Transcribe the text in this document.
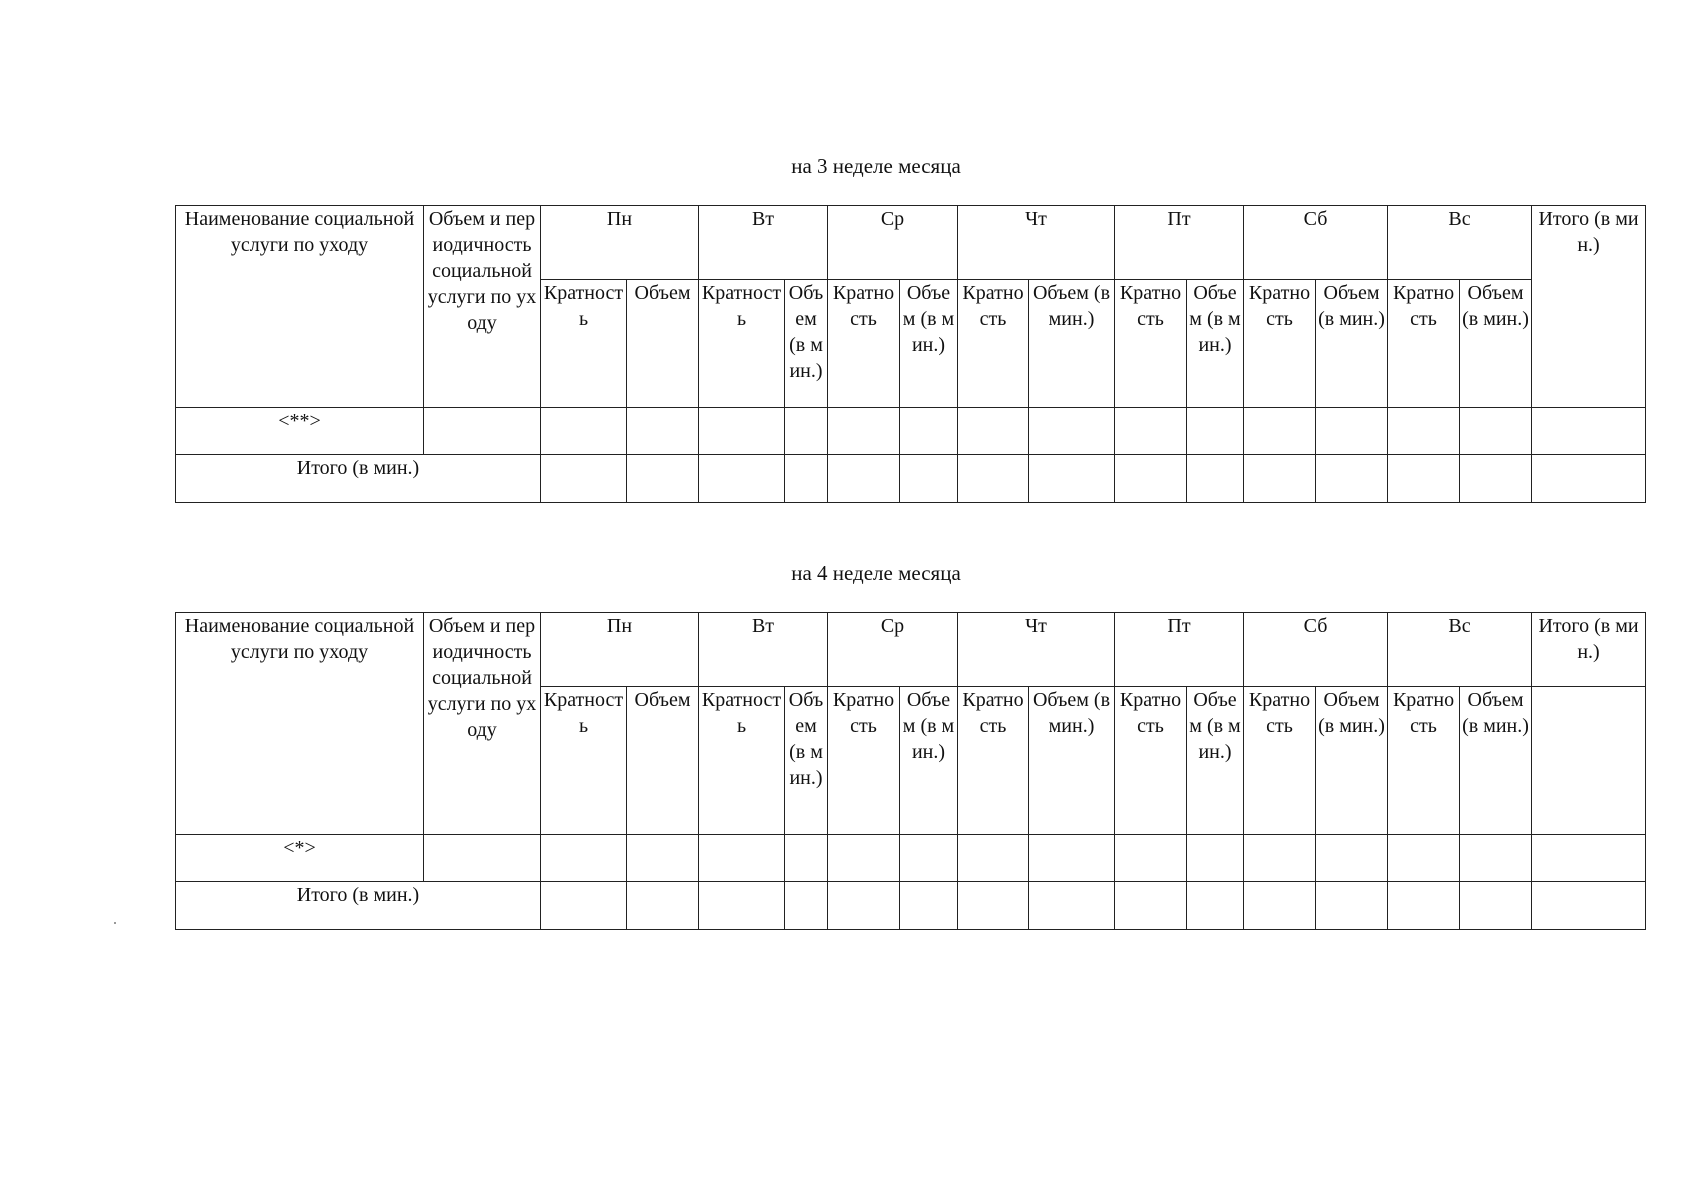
на 3 неделе месяца
Наименование социальной услуги по уходу	Объем и периодичность социальной услуги по уходу	Пн		Вт		Ср		Чт		Пт		Сб		Вс		Итого (в мин.)
		Кратность	Объем	Кратность	Объем (в мин.)	Кратность	Объем (в мин.)	Кратность	Объем (в мин.)	Кратность	Объем (в мин.)	Кратность	Объем (в мин.)	Кратность	Объем (в мин.)	
<**>																
Итого (в мин.)																
на 4 неделе месяца
Наименование социальной услуги по уходу	Объем и периодичность социальной услуги по уходу	Пн		Вт		Ср		Чт		Пт		Сб		Вс		Итого (в мин.)
		Кратность	Объем	Кратность	Объем (в мин.)	Кратность	Объем (в мин.)	Кратность	Объем (в мин.)	Кратность	Объем (в мин.)	Кратность	Объем (в мин.)	Кратность	Объем (в мин.)	
<*>																
Итого (в мин.)																
